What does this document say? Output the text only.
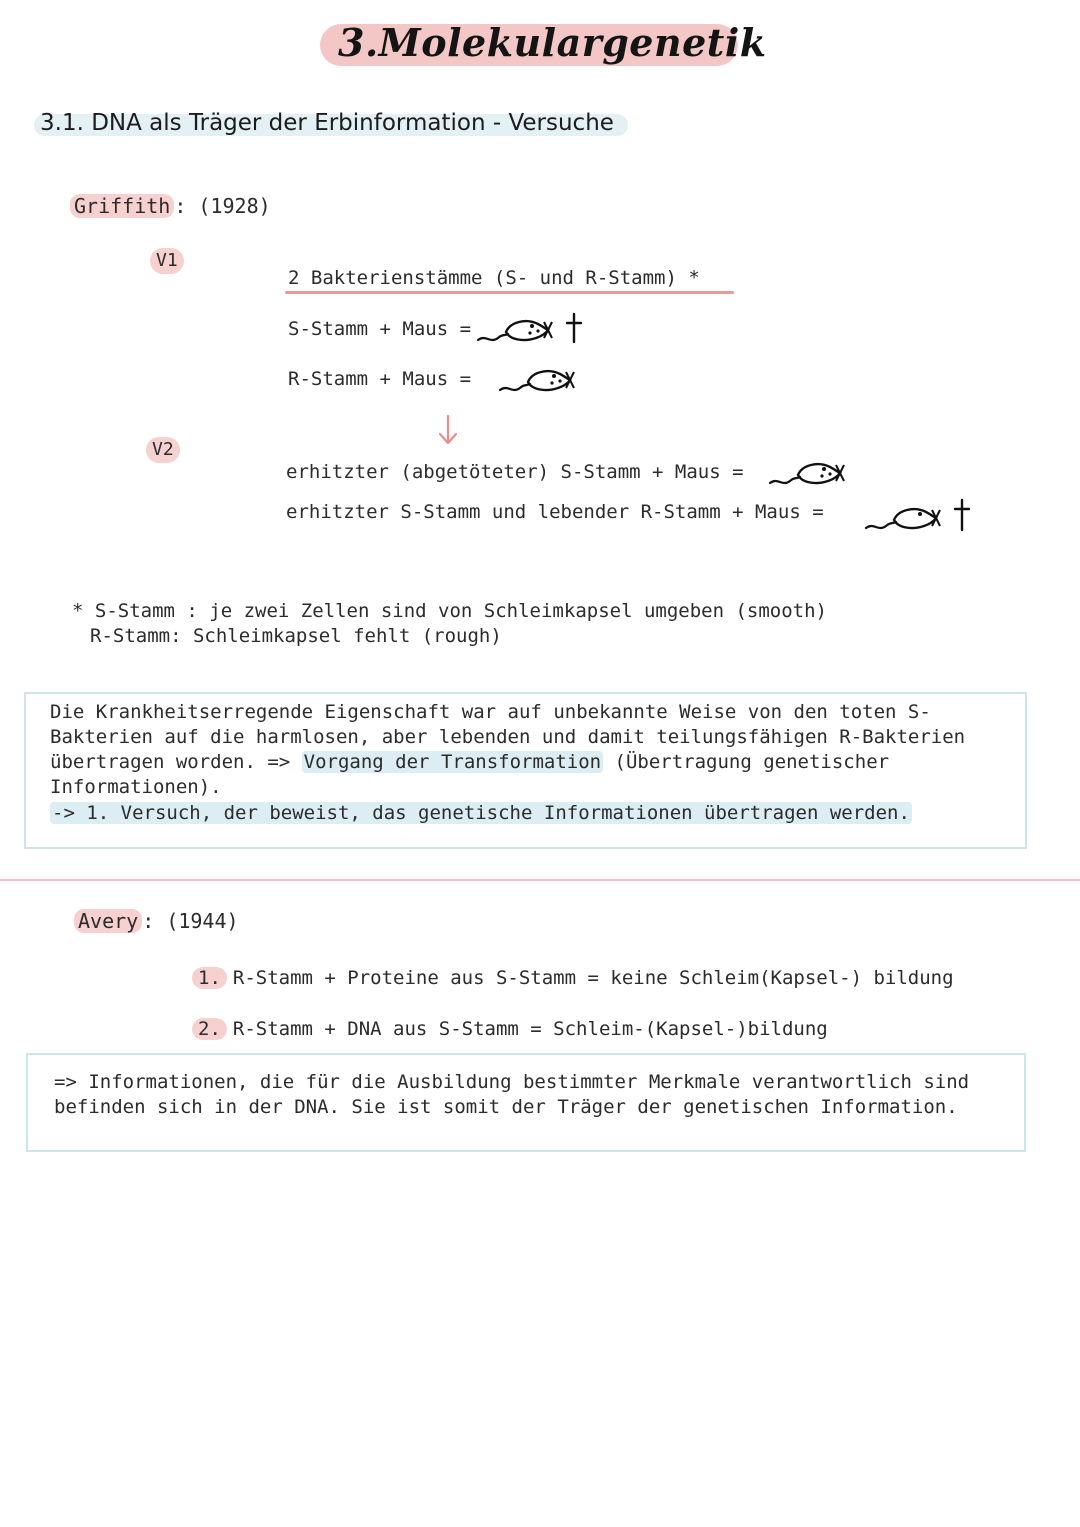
3.Molekulargenetik
3.1. DNA als Träger der Erbinformation - Versuche
Griffith : (1928)
V1
V2
2 Bakterienstämme (S- und R-Stamm) *
S-Stamm + Maus =
R-Stamm + Maus =
erhitzter (abgetöteter) S-Stamm + Maus =
erhitzter S-Stamm und lebender R-Stamm + Maus =
* S-Stamm : je zwei Zellen sind von Schleimkapsel umgeben (smooth)
R-Stamm: Schleimkapsel fehlt (rough)
Die Krankheitserregende Eigenschaft war auf unbekannte Weise von den toten S-
Bakterien auf die harmlosen, aber lebenden und damit teilungsfähigen R-Bakterien
übertragen worden. => Vorgang der Transformation (Übertragung genetischer
Informationen).
-> 1. Versuch, der beweist, das genetische Informationen übertragen werden.
Avery : (1944)
1. R-Stamm + Proteine aus S-Stamm = keine Schleim(Kapsel-) bildung
2. R-Stamm + DNA aus S-Stamm = Schleim-(Kapsel-)bildung
=> Informationen, die für die Ausbildung bestimmter Merkmale verantwortlich sind
befinden sich in der DNA. Sie ist somit der Träger der genetischen Information.
